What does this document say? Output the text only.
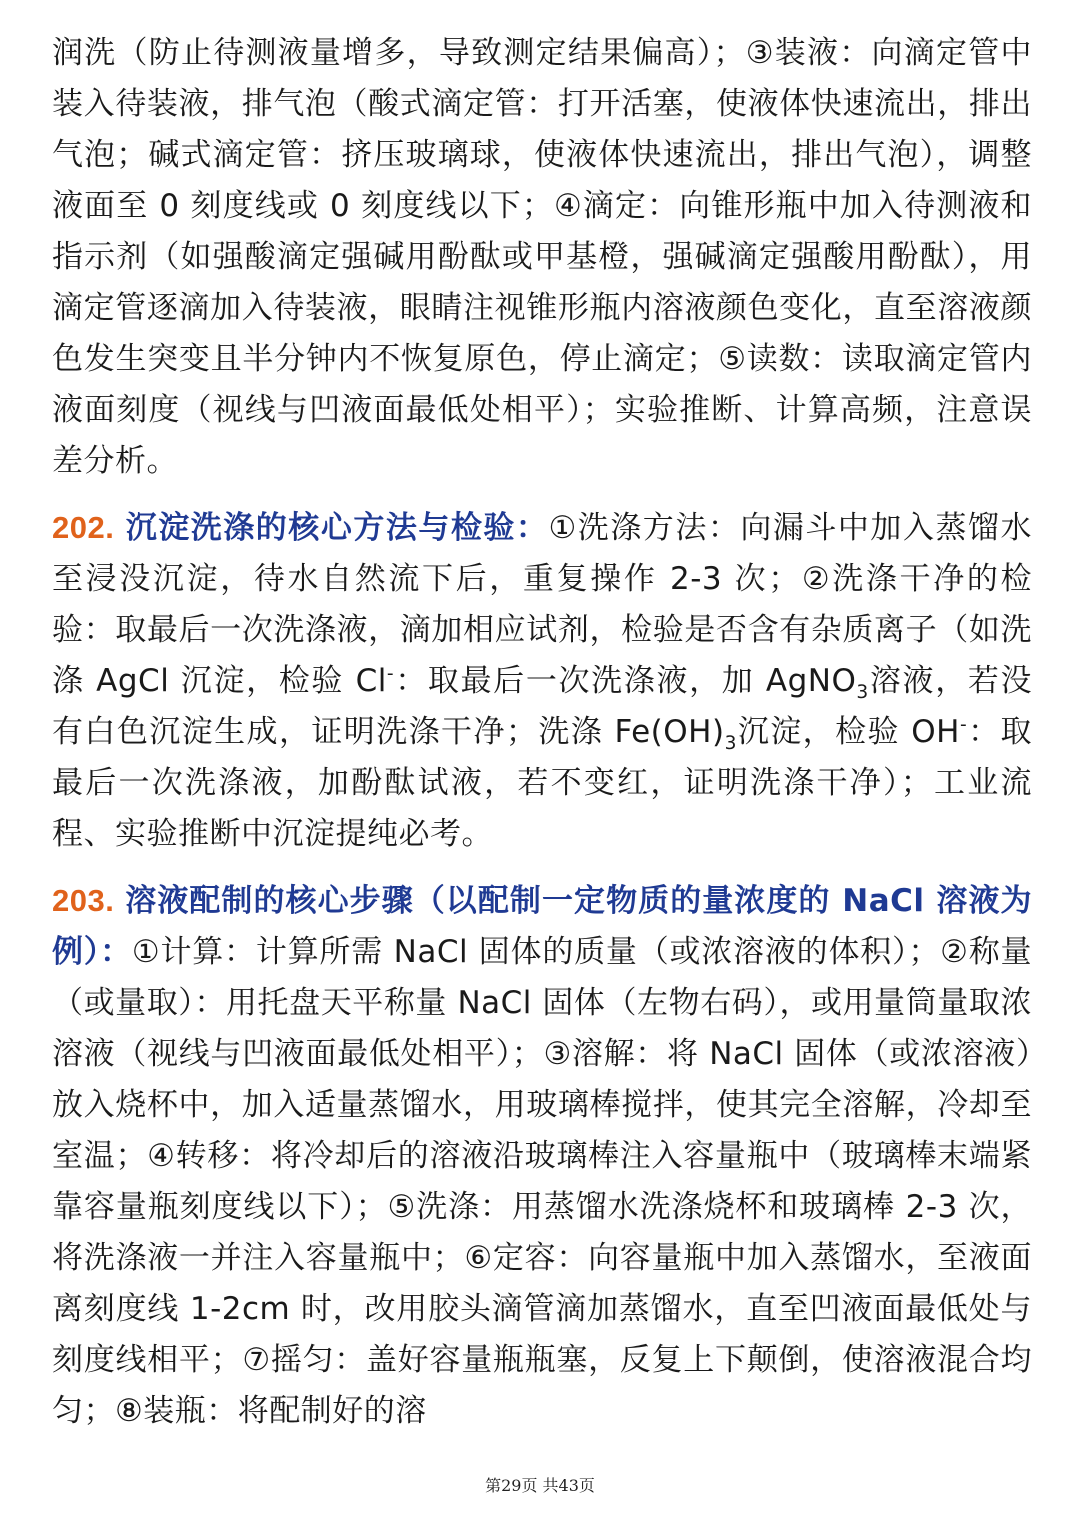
润洗（防止待测液量增多，导致测定结果偏高）；③装液：向滴定管中装入待装液，排气泡（酸式滴定管：打开活塞，使液体快速流出，排出气泡；碱式滴定管：挤压玻璃球，使液体快速流出，排出气泡），调整液面至 0 刻度线或 0 刻度线以下；④滴定：向锥形瓶中加入待测液和指示剂（如强酸滴定强碱用酚酞或甲基橙，强碱滴定强酸用酚酞），用滴定管逐滴加入待装液，眼睛注视锥形瓶内溶液颜色变化，直至溶液颜色发生突变且半分钟内不恢复原色，停止滴定；⑤读数：读取滴定管内液面刻度（视线与凹液面最低处相平）；实验推断、计算高频，注意误差分析。

202. 沉淀洗涤的核心方法与检验：①洗涤方法：向漏斗中加入蒸馏水至浸没沉淀，待水自然流下后，重复操作 2-3 次；②洗涤干净的检验：取最后一次洗涤液，滴加相应试剂，检验是否含有杂质离子（如洗涤 AgCl 沉淀，检验 Cl-：取最后一次洗涤液，加 AgNO$_3$溶液，若没有白色沉淀生成，证明洗涤干净；洗涤 $Fe(OH)_3$沉淀，检验 OH-：取最后一次洗涤液，加酚酞试液，若不变红，证明洗涤干净）；工业流程、实验推断中沉淀提纯必考。

203. 溶液配制的核心步骤（以配制一定物质的量浓度的 NaCl 溶液为例）：①计算：计算所需 NaCl 固体的质量（或浓溶液的体积）；②称量（或量取）：用托盘天平称量 NaCl 固体（左物右码），或用量筒量取浓溶液（视线与凹液面最低处相平）；③溶解：将 NaCl 固体（或浓溶液）放入烧杯中，加入适量蒸馏水，用玻璃棒搅拌，使其完全溶解，冷却至室温；④转移：将冷却后的溶液沿玻璃棒注入容量瓶中（玻璃棒末端紧靠容量瓶刻度线以下）；⑤洗涤：用蒸馏水洗涤烧杯和玻璃棒 2-3 次，将洗涤液一并注入容量瓶中；⑥定容：向容量瓶中加入蒸馏水，至液面离刻度线 1-2cm 时，改用胶头滴管滴加蒸馏水，直至凹液面最低处与刻度线相平；⑦摇匀：盖好容量瓶瓶塞，反复上下颠倒，使溶液混合均匀；⑧装瓶：将配制好的溶

第29页 共43页
